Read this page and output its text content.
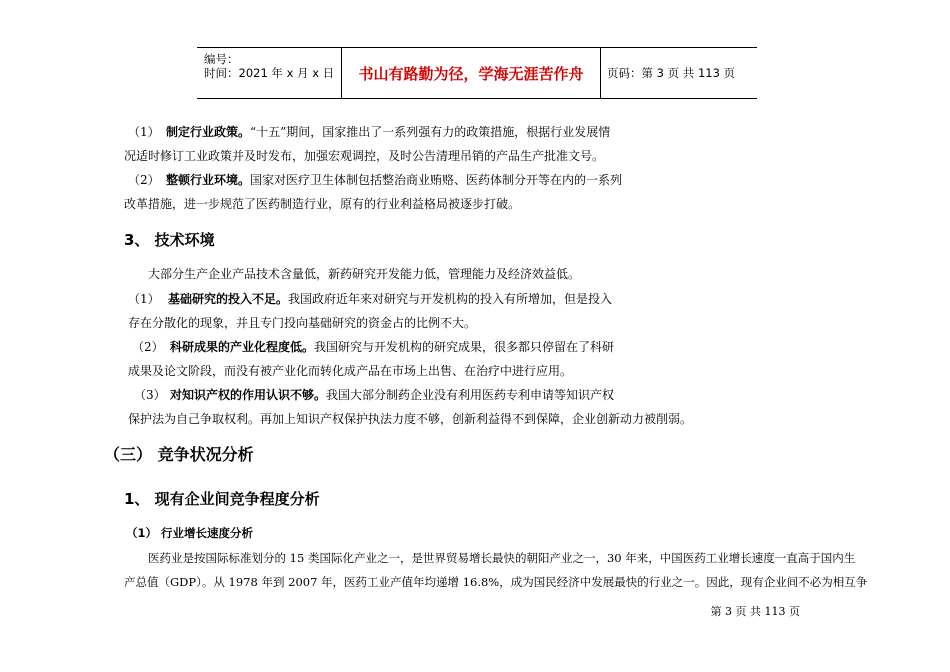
编号：
时间：2021 年 x 月 x 日	书山有路勤为径，学海无涯苦作舟	页码：第 3 页 共 113 页
（1） 制定行业政策。“十五”期间，国家推出了一系列强有力的政策措施，根据行业发展情
况适时修订工业政策并及时发布，加强宏观调控，及时公告清理吊销的产品生产批准文号。
（2） 整顿行业环境。国家对医疗卫生体制包括整治商业贿赂、医药体制分开等在内的一系列
改革措施，进一步规范了医药制造行业，原有的行业利益格局被逐步打破。
3、 技术环境
大部分生产企业产品技术含量低，新药研究开发能力低，管理能力及经济效益低。
（1） 基础研究的投入不足。我国政府近年来对研究与开发机构的投入有所增加，但是投入
存在分散化的现象，并且专门投向基础研究的资金占的比例不大。
（2） 科研成果的产业化程度低。我国研究与开发机构的研究成果，很多都只停留在了科研
成果及论文阶段，而没有被产业化而转化成产品在市场上出售、在治疗中进行应用。
（3） 对知识产权的作用认识不够。我国大部分制药企业没有利用医药专利申请等知识产权
保护法为自己争取权利。再加上知识产权保护执法力度不够，创新利益得不到保障，企业创新动力被削弱。
（三） 竞争状况分析
1、 现有企业间竞争程度分析
（1） 行业增长速度分析
医药业是按国际标准划分的 15 类国际化产业之一，是世界贸易增长最快的朝阳产业之一，30 年来，中国医药工业增长速度一直高于国内生
产总值（GDP）。从 1978 年到 2007 年，医药工业产值年均递增 16.8%，成为国民经济中发展最快的行业之一。因此，现有企业间不必为相互争
第 3 页 共 113 页
